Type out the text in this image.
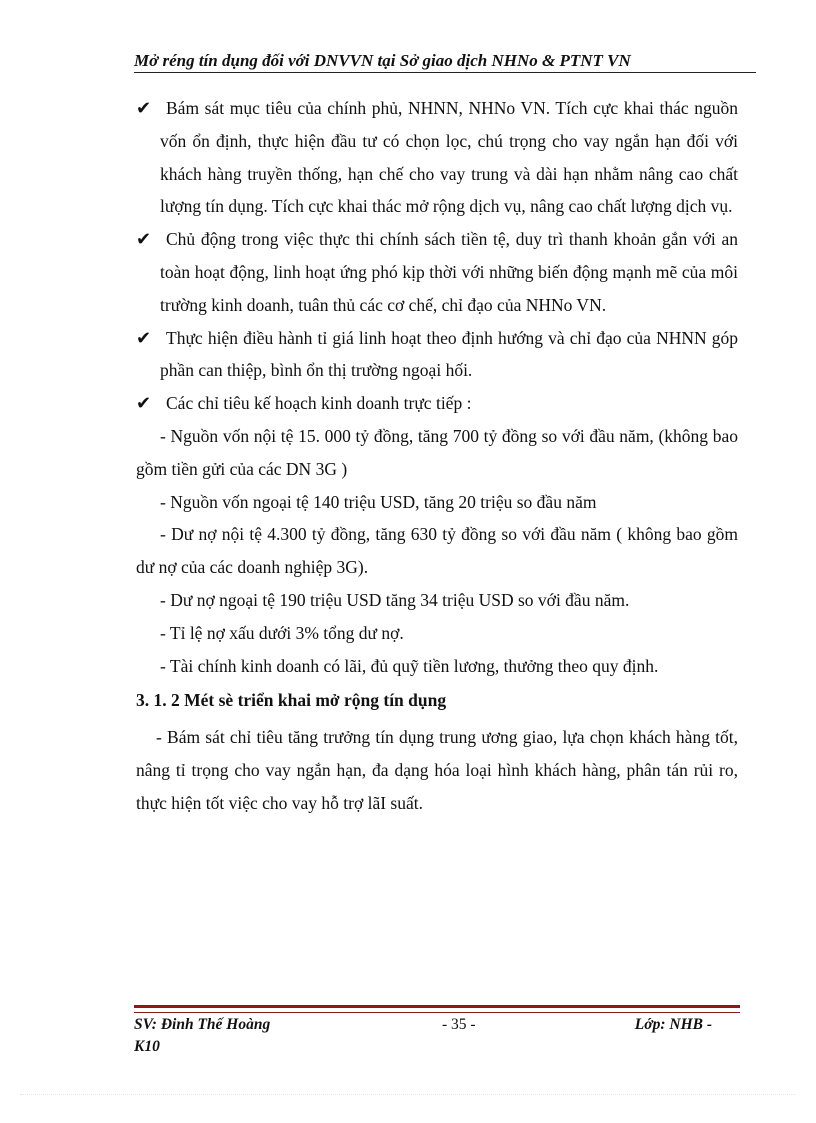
Mở réng tín dụng đối với DNVVN tại Sở giao dịch NHNo & PTNT VN
✔ Bám sát mục tiêu của chính phủ, NHNN, NHNo VN. Tích cực khai thác nguồn vốn ổn định, thực hiện đầu tư có chọn lọc, chú trọng cho vay ngắn hạn đối với khách hàng truyền thống, hạn chế cho vay trung và dài hạn nhằm nâng cao chất lượng tín dụng. Tích cực khai thác mở rộng dịch vụ, nâng cao chất lượng dịch vụ.

✔ Chủ động trong việc thực thi chính sách tiền tệ, duy trì thanh khoản gắn với an toàn hoạt động, linh hoạt ứng phó kịp thời với những biến động mạnh mẽ của môi trường kinh doanh, tuân thủ các cơ chế, chỉ đạo của NHNo VN.

✔ Thực hiện điều hành tỉ giá linh hoạt theo định hướng và chỉ đạo của NHNN góp phần can thiệp, bình ổn thị trường ngoại hối.

✔ Các chỉ tiêu kế hoạch kinh doanh trực tiếp :

- Nguồn vốn nội tệ 15. 000 tỷ đồng, tăng 700 tỷ đồng so với đầu năm, (không bao gồm tiền gửi của các DN 3G )

- Nguồn vốn ngoại tệ 140 triệu USD, tăng 20 triệu so đầu năm

- Dư nợ nội tệ 4.300 tỷ đồng, tăng 630 tỷ đồng so với đầu năm ( không bao gồm dư nợ của các doanh nghiệp 3G).

- Dư nợ ngoại tệ 190 triệu USD tăng 34 triệu USD so với đầu năm.

- Tỉ lệ nợ xấu dưới 3% tổng dư nợ.

- Tài chính kinh doanh có lãi, đủ quỹ tiền lương, thưởng theo quy định.

3. 1. 2 Mét sè triển khai mở rộng tín dụng

- Bám sát chỉ tiêu tăng trưởng tín dụng trung ương giao, lựa chọn khách hàng tốt, nâng tỉ trọng cho vay ngắn hạn, đa dạng hóa loại hình khách hàng, phân tán rủi ro, thực hiện tốt việc cho vay hỗ trợ lãI suất.

SV: Đinh Thế Hoàng	- 35 -	Lớp: NHB -
K10
